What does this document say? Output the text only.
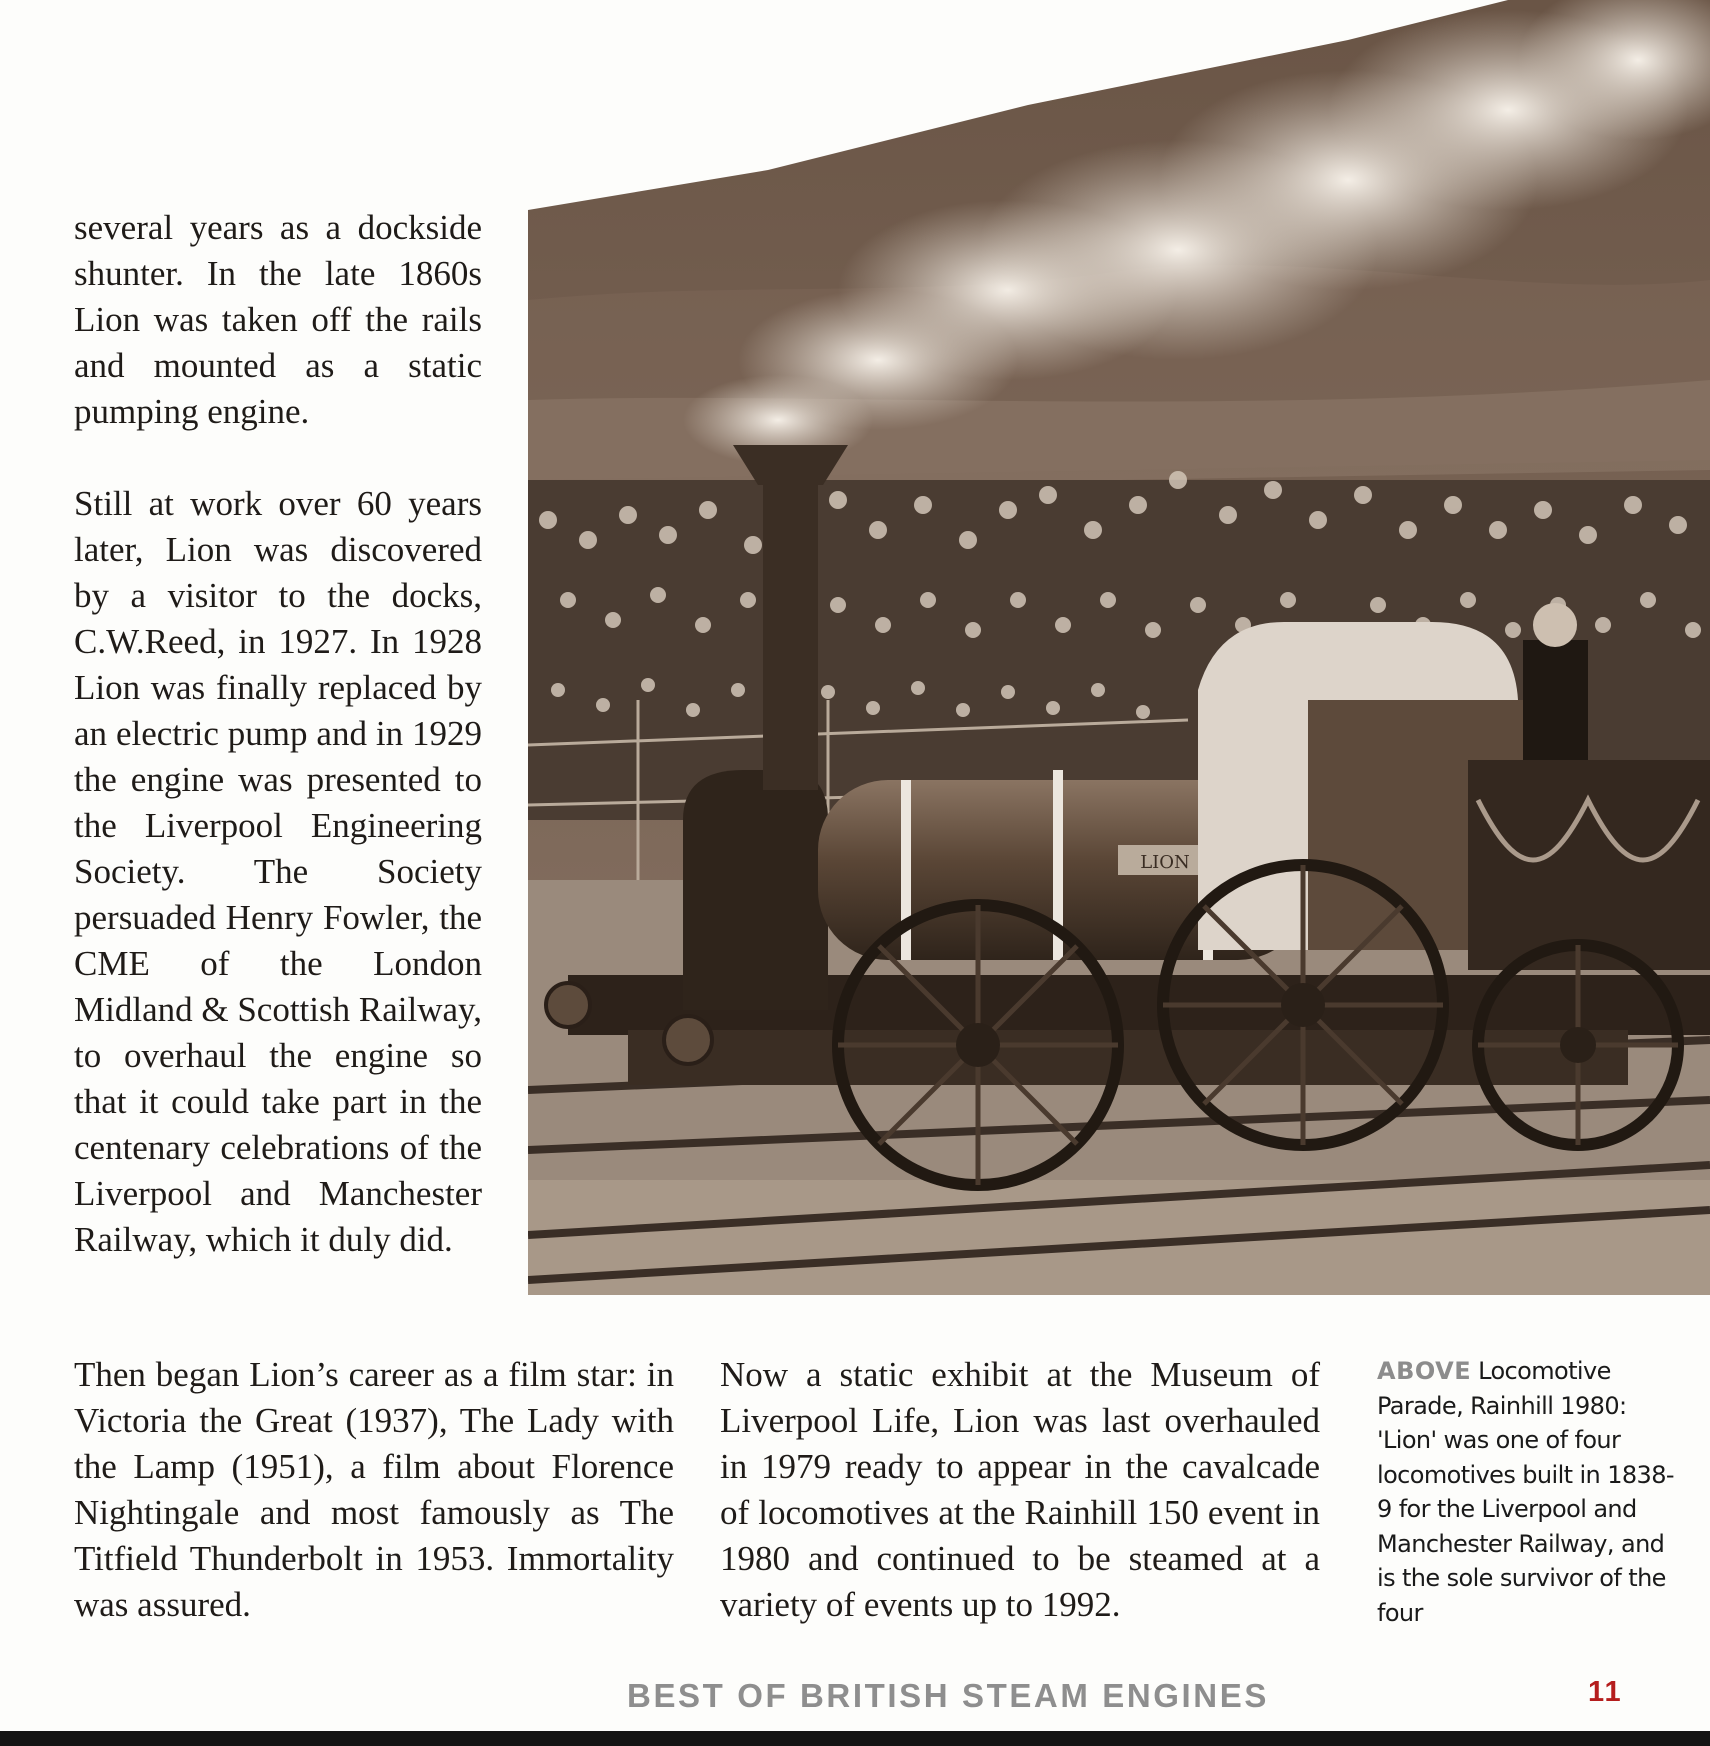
several years as a dockside shunter. In the late 1860s Lion was taken off the rails and mounted as a static pumping engine.

Still at work over 60 years later, Lion was discovered by a visitor to the docks, C.W.Reed, in 1927. In 1928 Lion was finally replaced by an electric pump and in 1929 the engine was presented to the Liverpool Engineering Society. The Society persuaded Henry Fowler, the CME of the London Midland & Scottish Railway, to overhaul the engine so that it could take part in the centenary celebrations of the Liverpool and Manchester Railway, which it duly did.

LION

Then began Lion’s career as a film star: in Victoria the Great (1937), The Lady with the Lamp (1951), a film about Florence Nightingale and most famously as The Titfield Thunderbolt in 1953. Immortality was assured.

Now a static exhibit at the Museum of Liverpool Life, Lion was last overhauled in 1979 ready to appear in the cavalcade of locomotives at the Rainhill 150 event in 1980 and continued to be steamed at a variety of events up to 1992.

ABOVE Locomotive Parade, Rainhill 1980: 'Lion' was one of four locomotives built in 1838-9 for the Liverpool and Manchester Railway, and is the sole survivor of the four

BEST OF BRITISH STEAM ENGINES	11
